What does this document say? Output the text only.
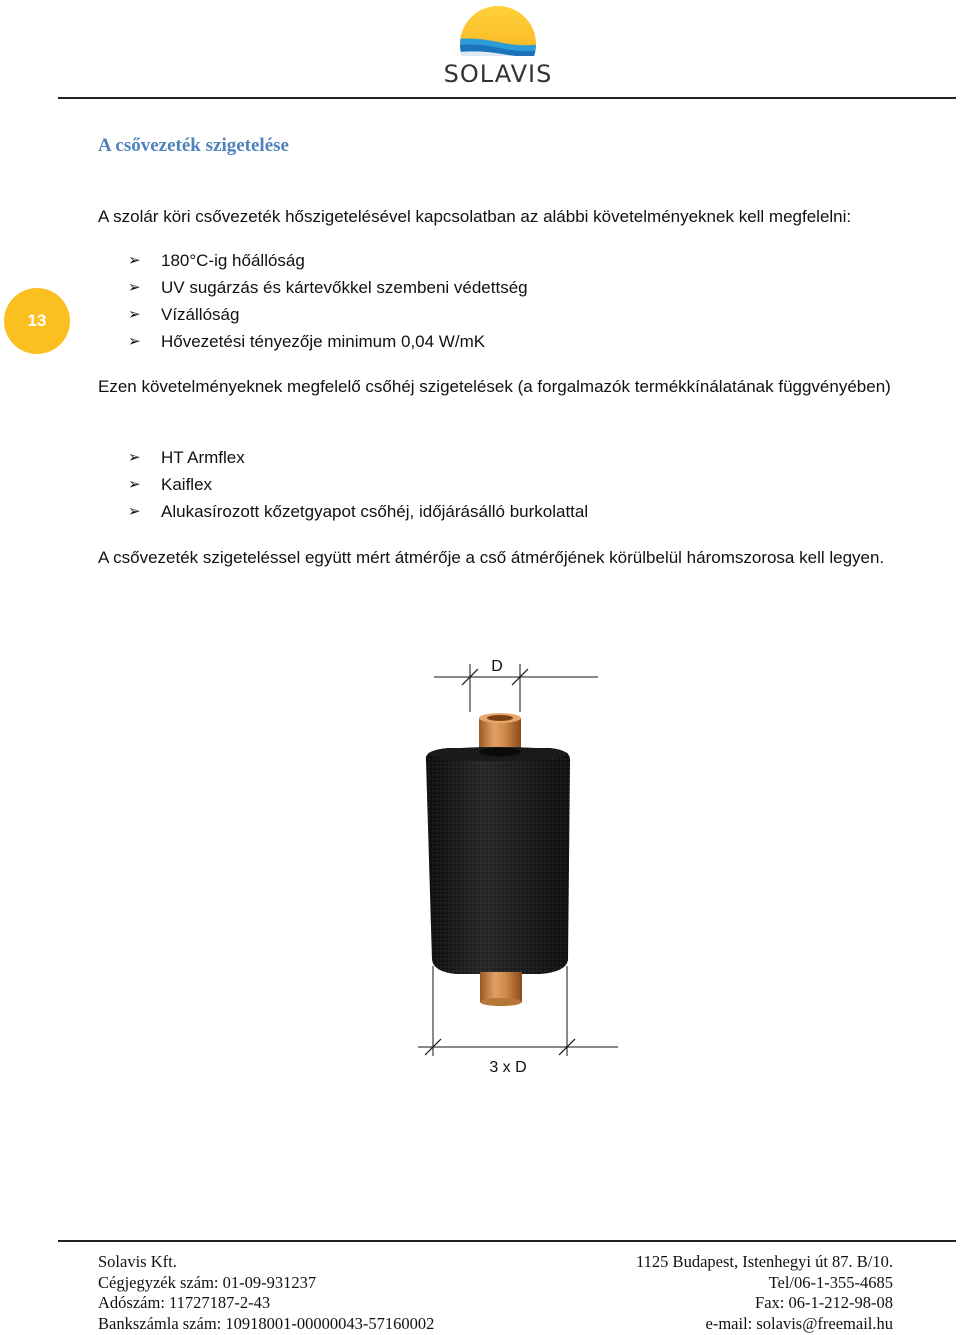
SOLAVIS
13
A csővezeték szigetelése
A szolár köri csővezeték hőszigetelésével kapcsolatban az alábbi követelményeknek kell megfelelni:
➢	180°C-ig hőállóság
➢	UV sugárzás és kártevőkkel szembeni védettség
➢	Vízállóság
➢	Hővezetési tényezője minimum 0,04 W/mK
Ezen követelményeknek megfelelő csőhéj szigetelések (a forgalmazók termékkínálatának függvényében)
➢	HT Armflex
➢	Kaiflex
➢	Alukasírozott kőzetgyapot csőhéj, időjárásálló burkolattal
A csővezeték szigeteléssel együtt mért átmérője a cső átmérőjének körülbelül háromszorosa kell legyen.
D
3 x D
Solavis Kft.
Cégjegyzék szám: 01-09-931237
Adószám: 11727187-2-43
Bankszámla szám: 10918001-00000043-57160002
1125 Budapest, Istenhegyi út 87. B/10.
Tel/06-1-355-4685
Fax: 06-1-212-98-08
e-mail: solavis@freemail.hu
